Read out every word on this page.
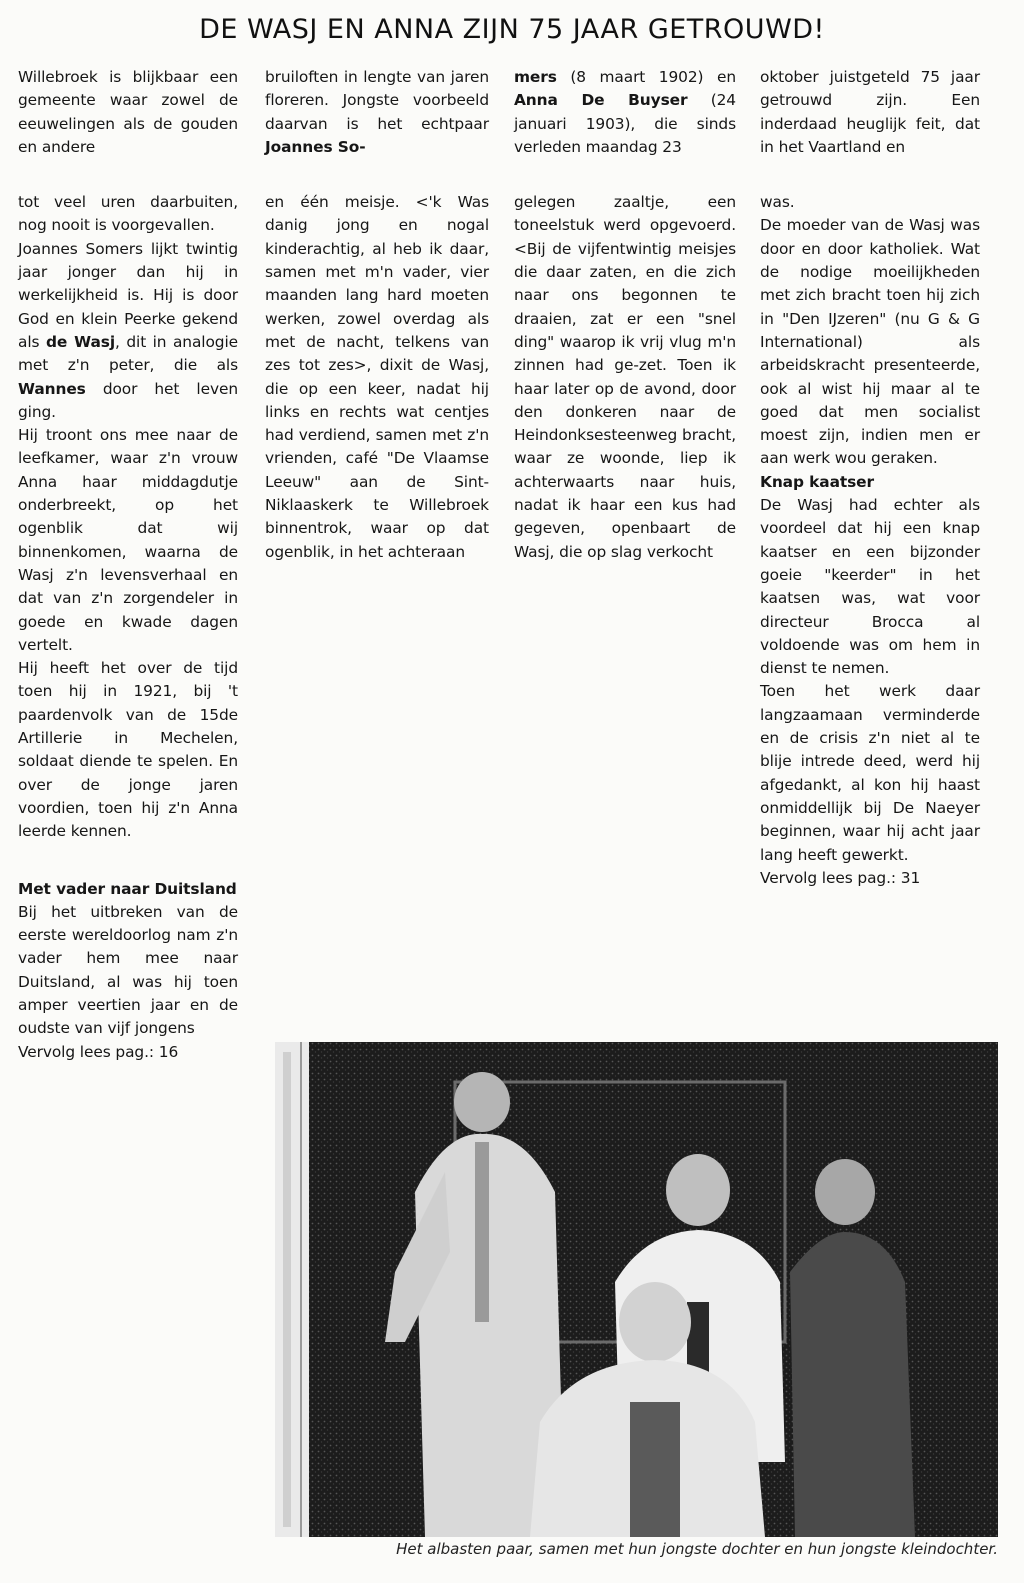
DE WASJ EN ANNA ZIJN 75 JAAR GETROUWD!

Willebroek is blijkbaar een gemeente waar zowel de eeuwelingen als de gouden en andere

tot veel uren daarbuiten, nog nooit is voorgevallen.

Joannes Somers lijkt twintig jaar jonger dan hij in werkelijkheid is. Hij is door God en klein Peerke gekend als de Wasj, dit in analogie met z'n peter, die als Wannes door het leven ging.

Hij troont ons mee naar de leefkamer, waar z'n vrouw Anna haar middagdutje onderbreekt, op het ogenblik dat wij binnenkomen, waarna de Wasj z'n levensverhaal en dat van z'n zorgendeler in goede en kwade dagen vertelt.

Hij heeft het over de tijd toen hij in 1921, bij 't paardenvolk van de 15de Artillerie in Mechelen, soldaat diende te spelen. En over de jonge jaren voordien, toen hij z'n Anna leerde kennen.

Met vader naar Duitsland

Bij het uitbreken van de eerste wereldoorlog nam z'n vader hem mee naar Duitsland, al was hij toen amper veertien jaar en de oudste van vijf jongens

Vervolg lees pag.: 16

bruiloften in lengte van jaren floreren. Jongste voorbeeld daarvan is het echtpaar Joannes So-

en één meisje. <'k Was danig jong en nogal kinderachtig, al heb ik daar, samen met m'n vader, vier maanden lang hard moeten werken, zowel overdag als met de nacht, telkens van zes tot zes>, dixit de Wasj, die op een keer, nadat hij links en rechts wat centjes had verdiend, samen met z'n vrienden, café "De Vlaamse Leeuw" aan de Sint-Niklaaskerk te Willebroek binnentrok, waar op dat ogenblik, in het achteraan

mers (8 maart 1902) en Anna De Buyser (24 januari 1903), die sinds verleden maandag 23

gelegen zaaltje, een toneelstuk werd opgevoerd. <Bij de vijfentwintig meisjes die daar zaten, en die zich naar ons begonnen te draaien, zat er een "snel ding" waarop ik vrij vlug m'n zinnen had ge-zet. Toen ik haar later op de avond, door den donkeren naar de Heindonksesteenweg bracht, waar ze woonde, liep ik achterwaarts naar huis, nadat ik haar een kus had gegeven, openbaart de Wasj, die op slag verkocht

oktober juistgeteld 75 jaar getrouwd zijn. Een inderdaad heuglijk feit, dat in het Vaartland en

was.

De moeder van de Wasj was door en door katholiek. Wat de nodige moeilijkheden met zich bracht toen hij zich in "Den IJzeren" (nu G & G International) als arbeidskracht presenteerde, ook al wist hij maar al te goed dat men socialist moest zijn, indien men er aan werk wou geraken.

Knap kaatser

De Wasj had echter als voordeel dat hij een knap kaatser en een bijzonder goeie "keerder" in het kaatsen was, wat voor directeur Brocca al voldoende was om hem in dienst te nemen.

Toen het werk daar langzaamaan verminderde en de crisis z'n niet al te blije intrede deed, werd hij afgedankt, al kon hij haast onmiddellijk bij De Naeyer beginnen, waar hij acht jaar lang heeft gewerkt.

Vervolg lees pag.: 31

Het albasten paar, samen met hun jongste dochter en hun jongste kleindochter.
